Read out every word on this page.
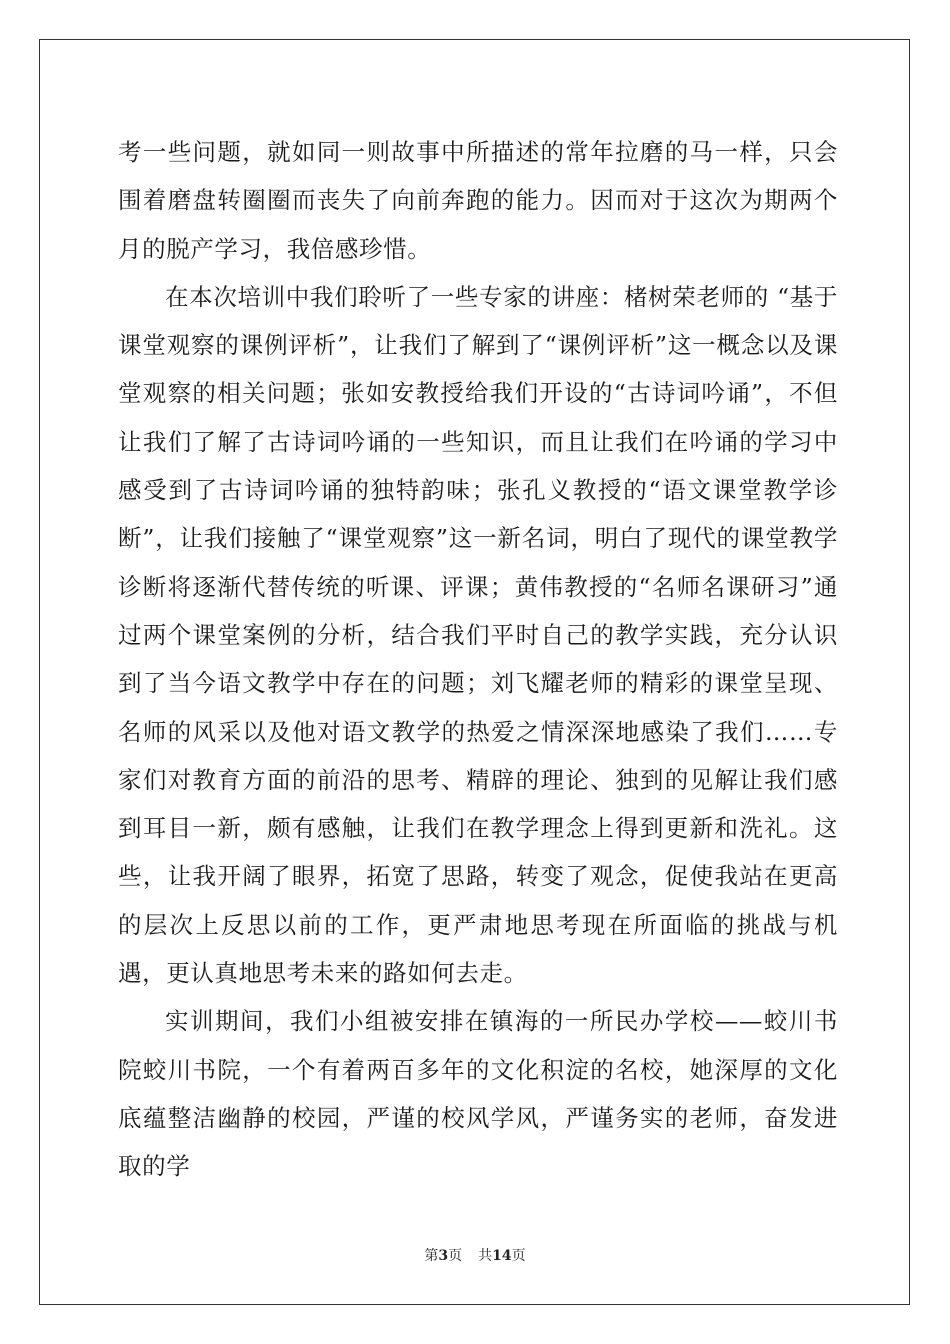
考一些问题，就如同一则故事中所描述的常年拉磨的马一样，只会围着磨盘转圈圈而丧失了向前奔跑的能力。因而对于这次为期两个月的脱产学习，我倍感珍惜。

在本次培训中我们聆听了一些专家的讲座：楮树荣老师的 “基于课堂观察的课例评析”，让我们了解到了“课例评析”这一概念以及课堂观察的相关问题；张如安教授给我们开设的“古诗词吟诵”，不但让我们了解了古诗词吟诵的一些知识，而且让我们在吟诵的学习中感受到了古诗词吟诵的独特韵味；张孔义教授的“语文课堂教学诊断”，让我们接触了“课堂观察”这一新名词，明白了现代的课堂教学诊断将逐渐代替传统的听课、评课；黄伟教授的“名师名课研习”通过两个课堂案例的分析，结合我们平时自己的教学实践，充分认识到了当今语文教学中存在的问题；刘飞耀老师的精彩的课堂呈现、名师的风采以及他对语文教学的热爱之情深深地感染了我们……专家们对教育方面的前沿的思考、精辟的理论、独到的见解让我们感到耳目一新，颇有感触，让我们在教学理念上得到更新和洗礼。这些，让我开阔了眼界，拓宽了思路，转变了观念，促使我站在更高的层次上反思以前的工作，更严肃地思考现在所面临的挑战与机遇，更认真地思考未来的路如何去走。

实训期间，我们小组被安排在镇海的一所民办学校——蛟川书院蛟川书院，一个有着两百多年的文化积淀的名校，她深厚的文化底蕴整洁幽静的校园，严谨的校风学风，严谨务实的老师，奋发进取的学

第3页 共14页
